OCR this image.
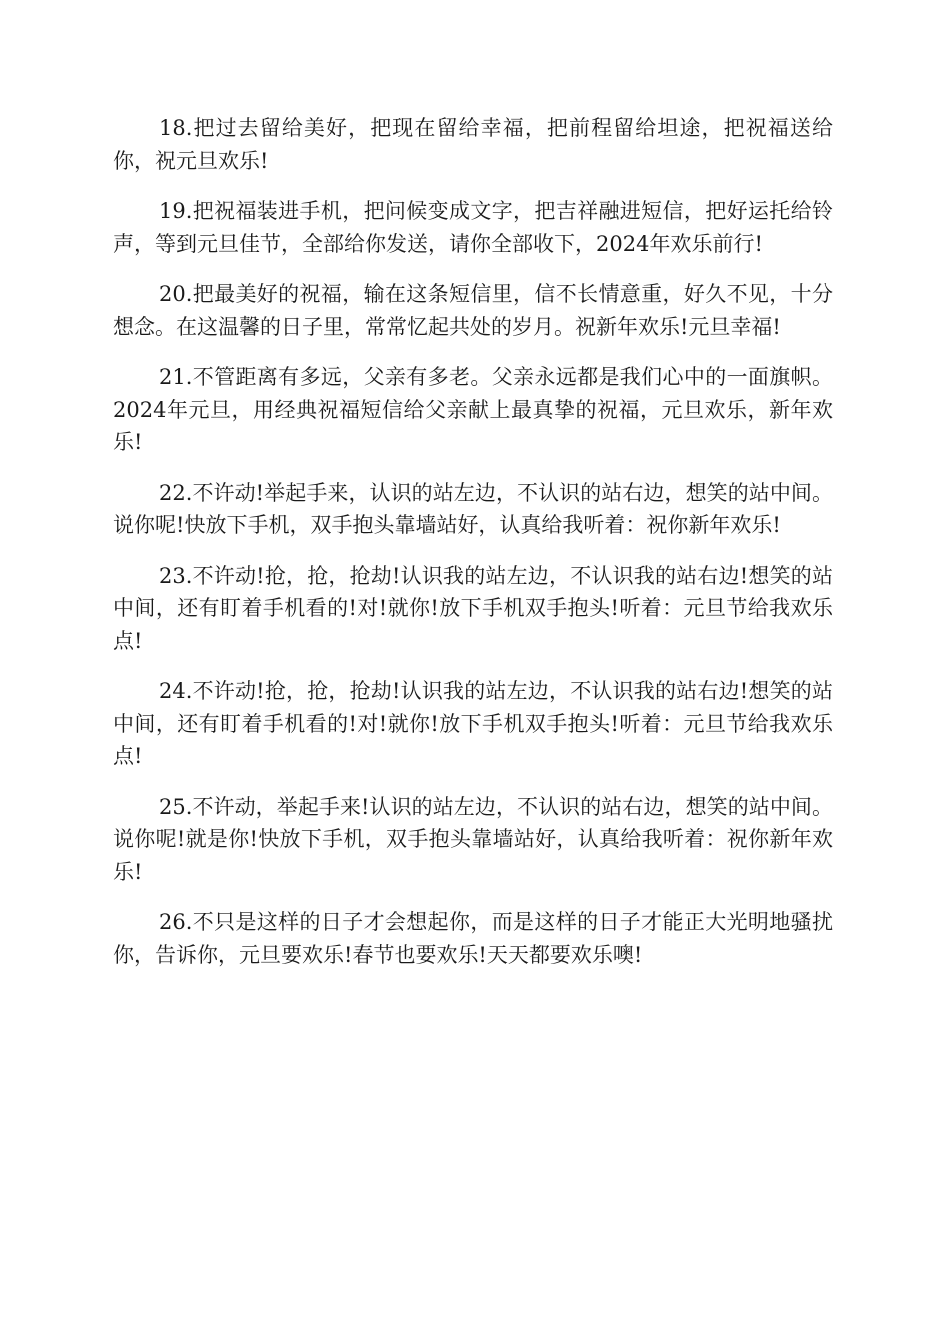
18.把过去留给美好，把现在留给幸福，把前程留给坦途，把祝福送给你，祝元旦欢乐!

19.把祝福装进手机，把问候变成文字，把吉祥融进短信，把好运托给铃声，等到元旦佳节，全部给你发送，请你全部收下，2024年欢乐前行!

20.把最美好的祝福，输在这条短信里，信不长情意重，好久不见，十分想念。在这温馨的日子里，常常忆起共处的岁月。祝新年欢乐!元旦幸福!

21.不管距离有多远，父亲有多老。父亲永远都是我们心中的一面旗帜。2024年元旦，用经典祝福短信给父亲献上最真挚的祝福，元旦欢乐，新年欢乐!

22.不许动!举起手来，认识的站左边，不认识的站右边，想笑的站中间。说你呢!快放下手机，双手抱头靠墙站好，认真给我听着：祝你新年欢乐!

23.不许动!抢，抢，抢劫!认识我的站左边，不认识我的站右边!想笑的站中间，还有盯着手机看的!对!就你!放下手机双手抱头!听着：元旦节给我欢乐点!

24.不许动!抢，抢，抢劫!认识我的站左边，不认识我的站右边!想笑的站中间，还有盯着手机看的!对!就你!放下手机双手抱头!听着：元旦节给我欢乐点!

25.不许动，举起手来!认识的站左边，不认识的站右边，想笑的站中间。说你呢!就是你!快放下手机，双手抱头靠墙站好，认真给我听着：祝你新年欢乐!

26.不只是这样的日子才会想起你，而是这样的日子才能正大光明地骚扰你，告诉你，元旦要欢乐!春节也要欢乐!天天都要欢乐噢!
